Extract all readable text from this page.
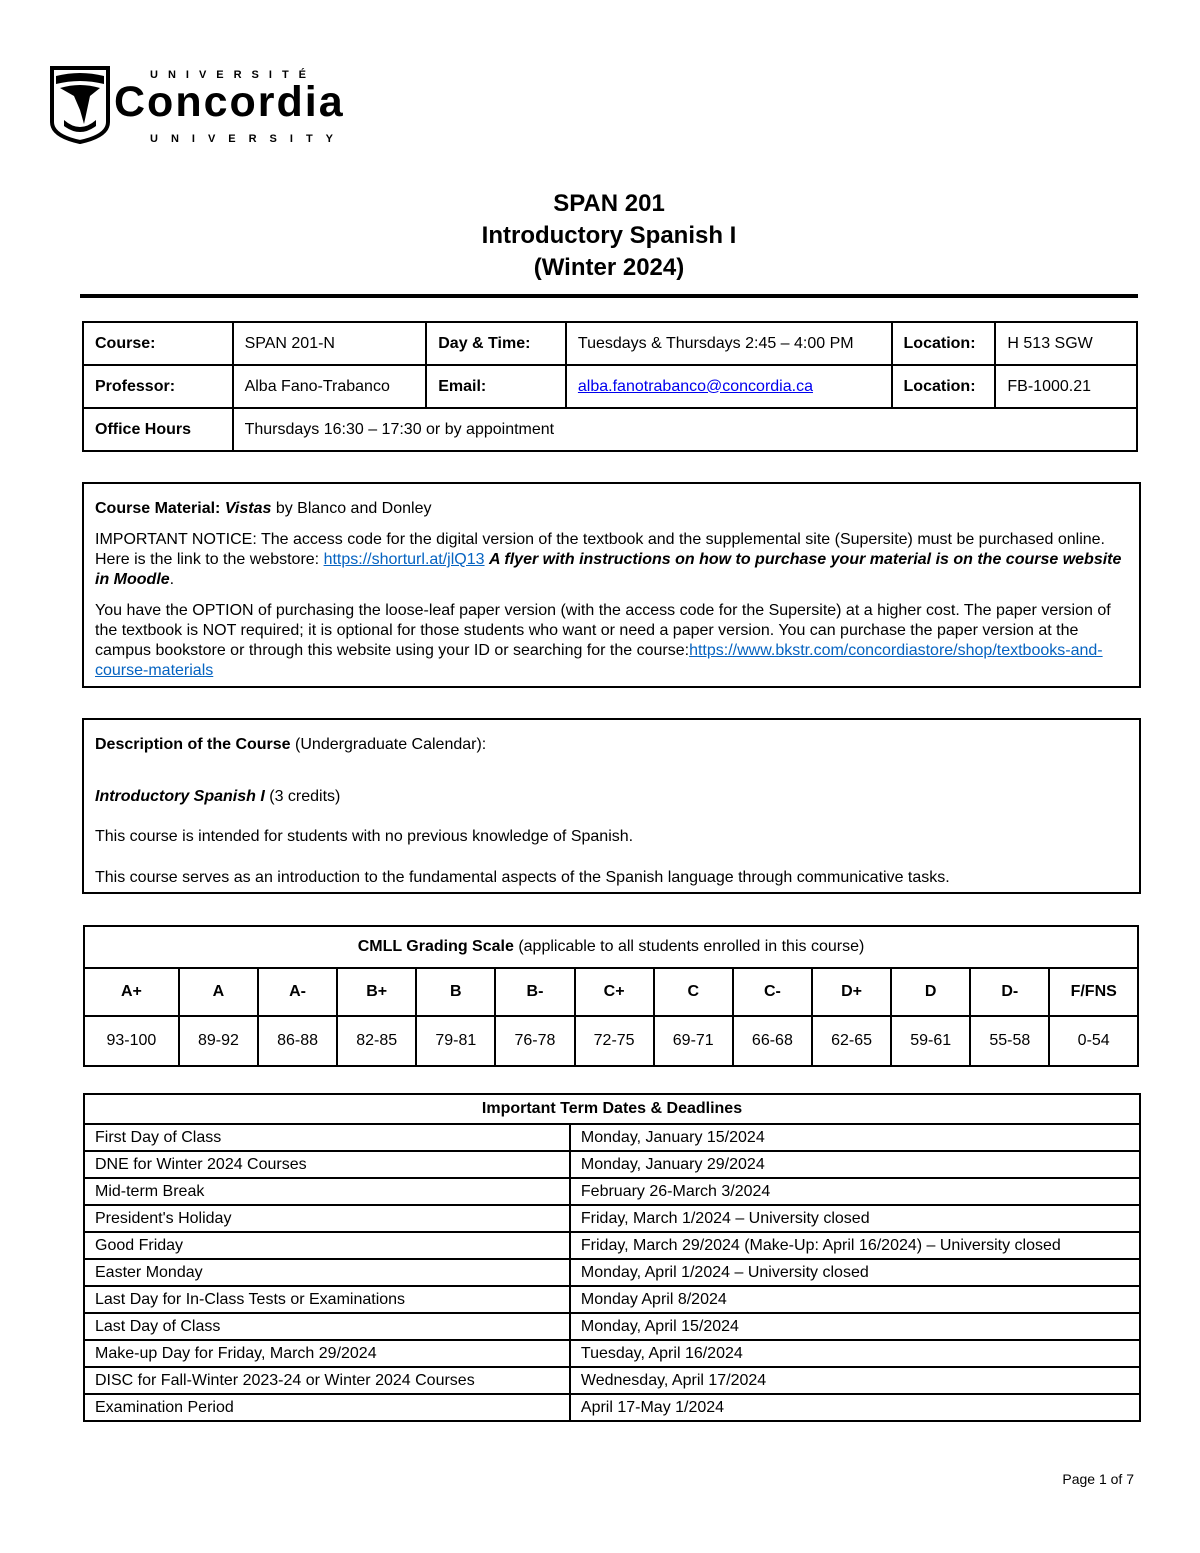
UNIVERSITÉ
Concordia
UNIVERSITY
SPAN 201
Introductory Spanish I
(Winter 2024)
Course:	SPAN 201-N	Day & Time:	Tuesdays & Thursdays 2:45 – 4:00 PM	Location:	H 513 SGW
Professor:	Alba Fano-Trabanco	Email:	alba.fanotrabanco@concordia.ca	Location:	FB-1000.21
Office Hours	Thursdays 16:30 – 17:30 or by appointment				

Course Material: Vistas by Blanco and Donley

IMPORTANT NOTICE: The access code for the digital version of the textbook and the supplemental site (Supersite) must be purchased online. Here is the link to the webstore: https://shorturl.at/jlQ13 A flyer with instructions on how to purchase your material is on the course website in Moodle.

You have the OPTION of purchasing the loose-leaf paper version (with the access code for the Supersite) at a higher cost. The paper version of the textbook is NOT required; it is optional for those students who want or need a paper version. You can purchase the paper version at the campus bookstore or through this website using your ID or searching for the course:https://www.bkstr.com/concordiastore/shop/textbooks-and-course-materials

Description of the Course (Undergraduate Calendar):

Introductory Spanish I (3 credits)

This course is intended for students with no previous knowledge of Spanish.

This course serves as an introduction to the fundamental aspects of the Spanish language through communicative tasks.

CMLL Grading Scale (applicable to all students enrolled in this course)												
A+	A	A-	B+	B	B-	C+	C	C-	D+	D	D-	F/FNS
93-100	89-92	86-88	82-85	79-81	76-78	72-75	69-71	66-68	62-65	59-61	55-58	0-54
Important Term Dates & Deadlines	
First Day of Class	Monday, January 15/2024
DNE for Winter 2024 Courses	Monday, January 29/2024
Mid-term Break	February 26-March 3/2024
President's Holiday	Friday, March 1/2024 – University closed
Good Friday	Friday, March 29/2024 (Make-Up: April 16/2024) – University closed
Easter Monday	Monday, April 1/2024 – University closed
Last Day for In-Class Tests or Examinations	Monday April 8/2024
Last Day of Class	Monday, April 15/2024
Make-up Day for Friday, March 29/2024	Tuesday, April 16/2024
DISC for Fall-Winter 2023-24 or Winter 2024 Courses	Wednesday, April 17/2024
Examination Period	April 17-May 1/2024
Page 1 of 7
